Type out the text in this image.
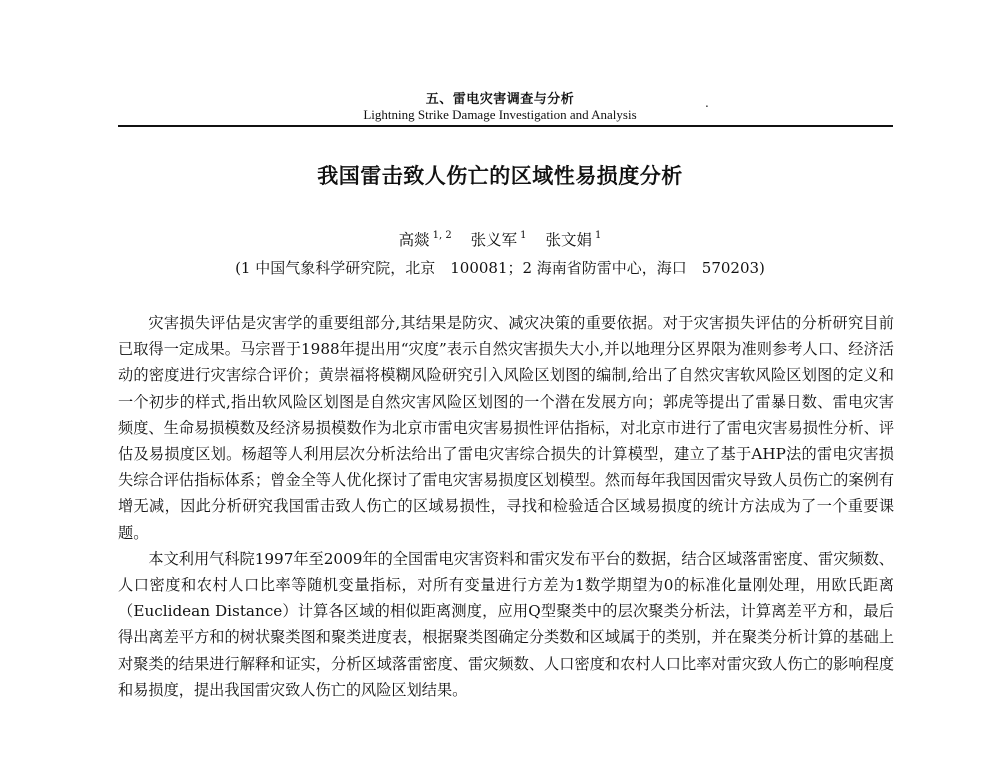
五、雷电灾害调查与分析	.
Lightning Strike Damage Investigation and Analysis
我国雷击致人伤亡的区域性易损度分析
高燚 $^{1, 2}$ 张义军 $^1$ 张文娟 $^1$
(1 中国气象科学研究院，北京　100081；2 海南省防雷中心，海口　570203)

灾害损失评估是灾害学的重要组部分,其结果是防灾、减灾决策的重要依据。对于灾害损失评估的分析研究目前已取得一定成果。马宗晋于1988年提出用“灾度”表示自然灾害损失大小,并以地理分区界限为准则参考人口、经济活动的密度进行灾害综合评价；黄崇福将模糊风险研究引入风险区划图的编制,给出了自然灾害软风险区划图的定义和一个初步的样式,指出软风险区划图是自然灾害风险区划图的一个潜在发展方向；郭虎等提出了雷暴日数、雷电灾害频度、生命易损模数及经济易损模数作为北京市雷电灾害易损性评估指标，对北京市进行了雷电灾害易损性分析、评估及易损度区划。杨超等人利用层次分析法给出了雷电灾害综合损失的计算模型，建立了基于AHP法的雷电灾害损失综合评估指标体系；曾金全等人优化探讨了雷电灾害易损度区划模型。然而每年我国因雷灾导致人员伤亡的案例有增无减，因此分析研究我国雷击致人伤亡的区域易损性，寻找和检验适合区域易损度的统计方法成为了一个重要课题。

本文利用气科院1997年至2009年的全国雷电灾害资料和雷灾发布平台的数据，结合区域落雷密度、雷灾频数、人口密度和农村人口比率等随机变量指标，对所有变量进行方差为1数学期望为0的标准化量刚处理，用欧氏距离（Euclidean Distance）计算各区域的相似距离测度，应用Q型聚类中的层次聚类分析法，计算离差平方和，最后得出离差平方和的树状聚类图和聚类进度表，根据聚类图确定分类数和区域属于的类别，并在聚类分析计算的基础上对聚类的结果进行解释和证实，分析区域落雷密度、雷灾频数、人口密度和农村人口比率对雷灾致人伤亡的影响程度和易损度，提出我国雷灾致人伤亡的风险区划结果。
